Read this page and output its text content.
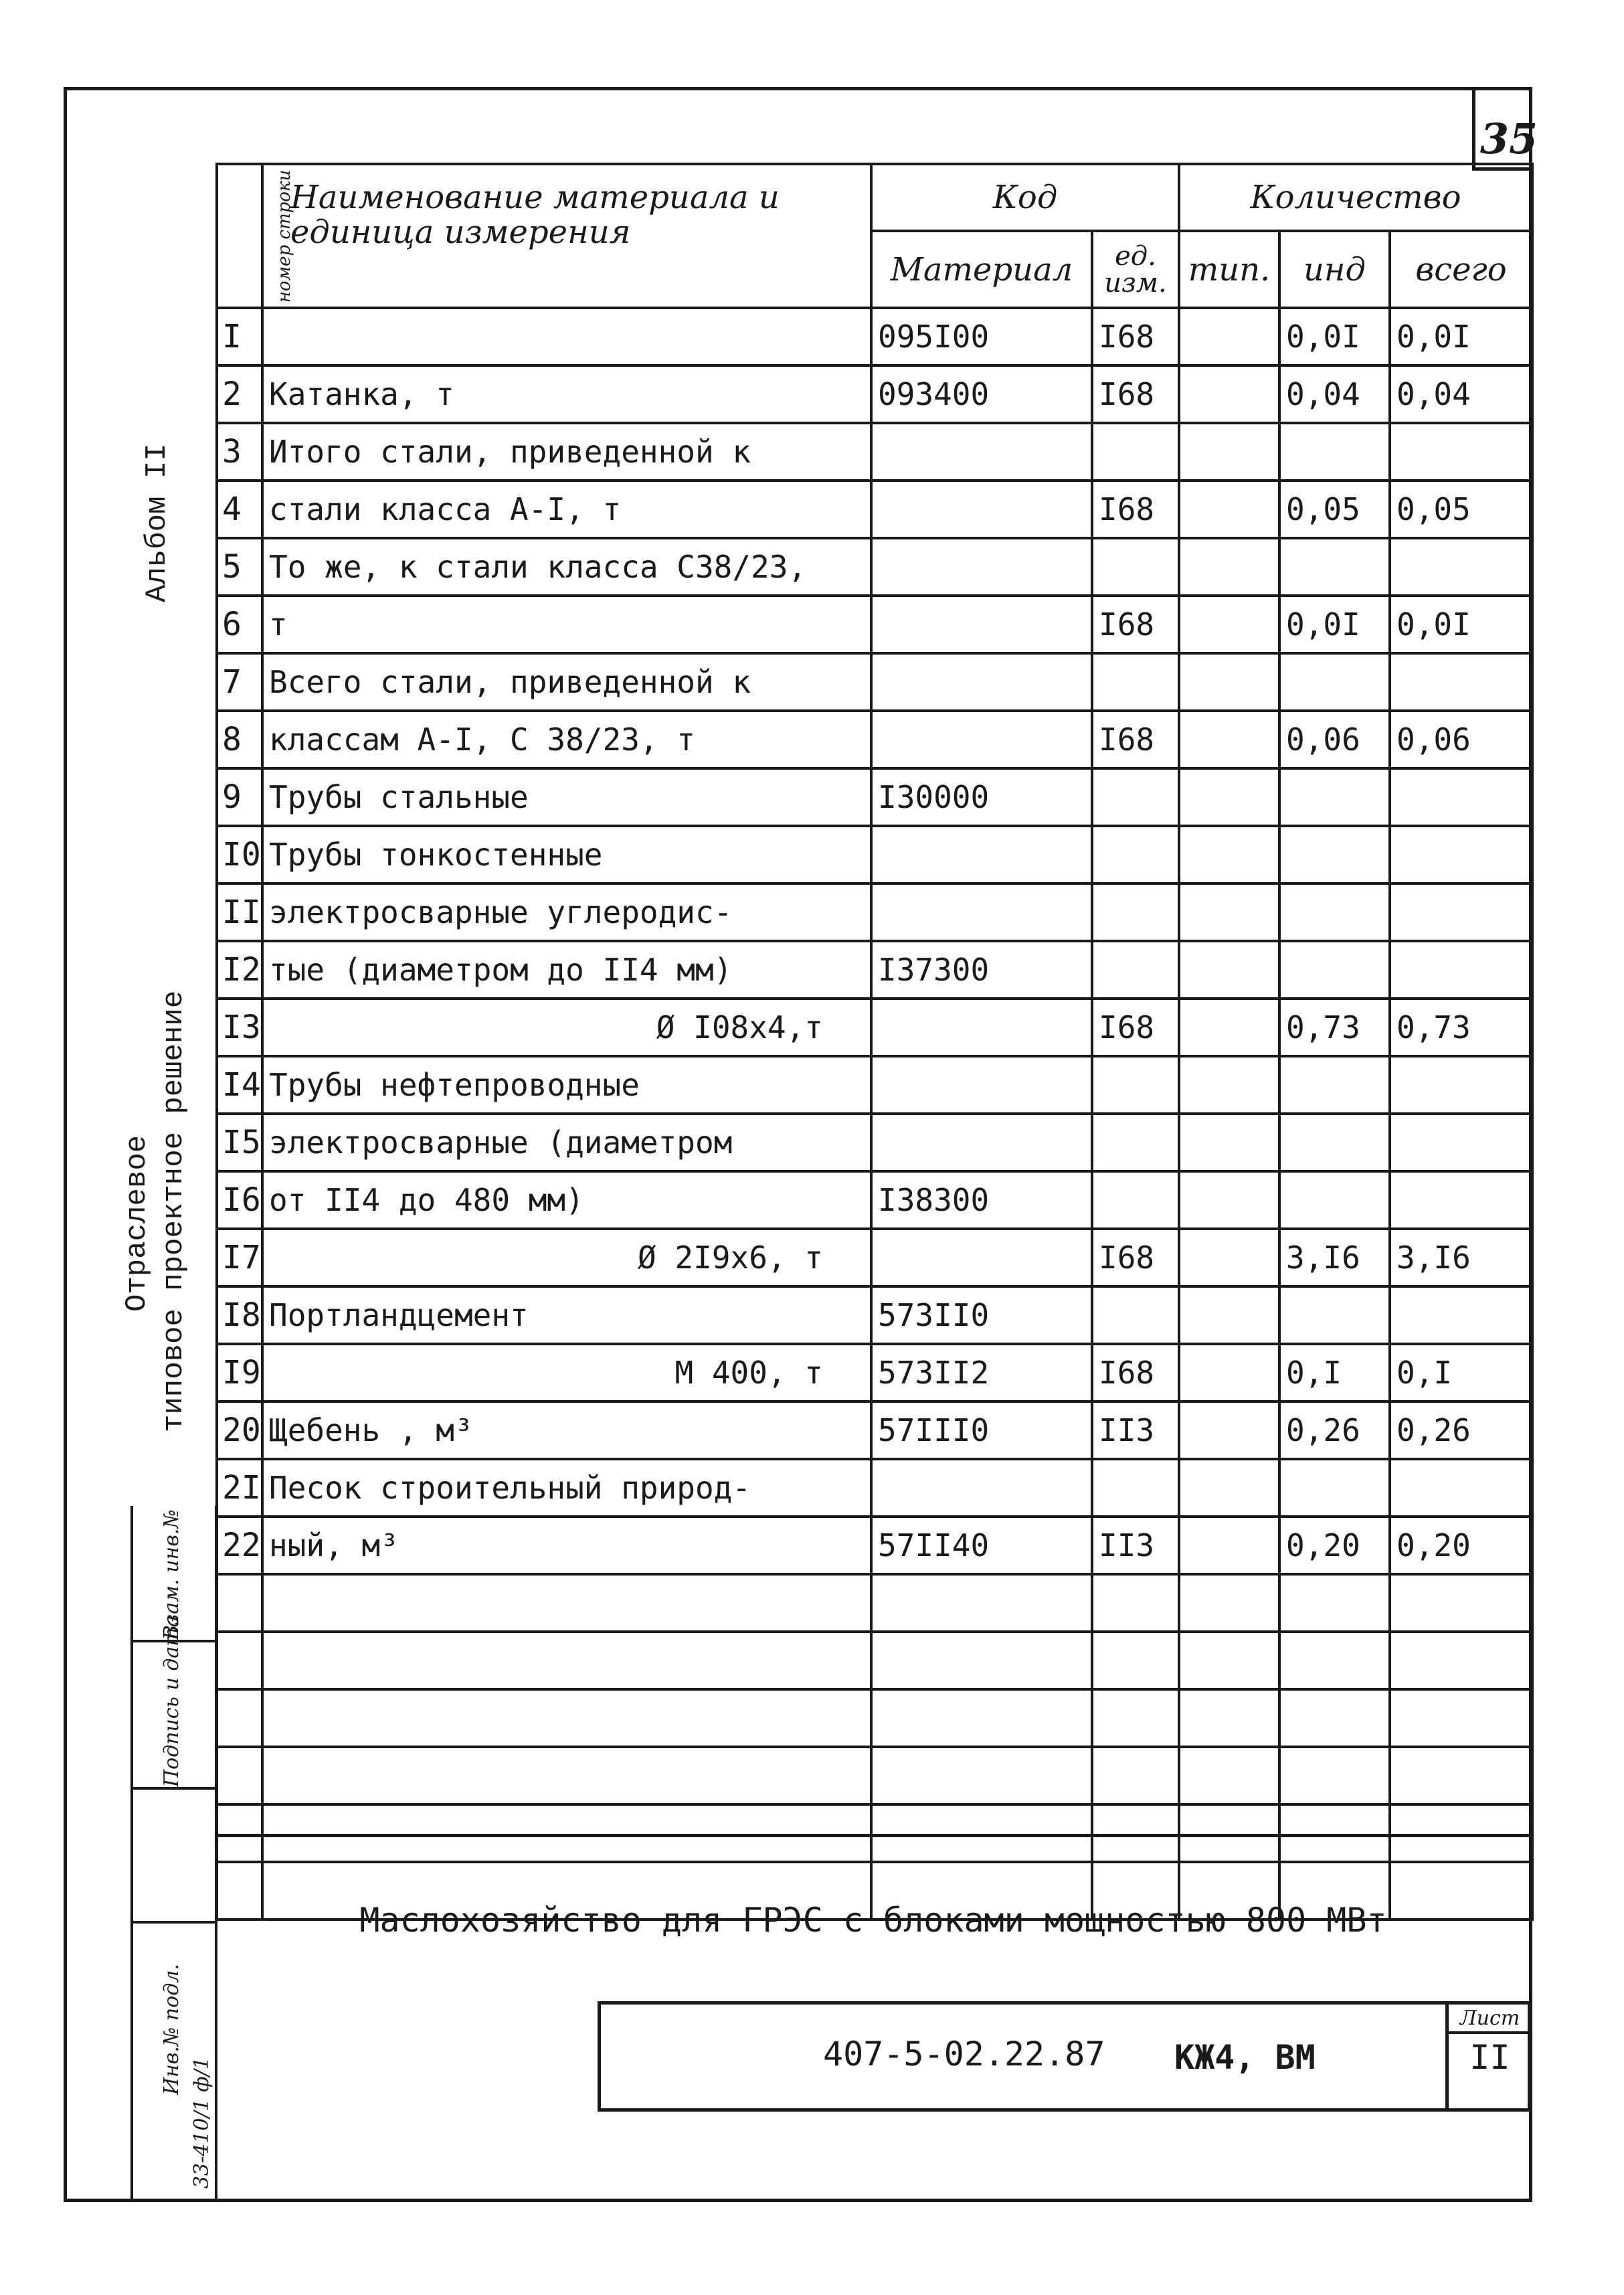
35
Альбом II
Отраслевое типовое проектное решение
номер строки	Наименование материала и единица измерения	Код		Количество		
		Материал	ед. изм.	тип.	инд	всего
I		095I00	I68		0,0I	0,0I
2	Катанка, т	093400	I68		0,04	0,04
3	Итого стали, приведенной к					
4	стали класса А-I, т		I68		0,05	0,05
5	То же, к стали класса С38/23,					
6	т		I68		0,0I	0,0I
7	Всего стали, приведенной к					
8	классам А-I, С 38/23, т		I68		0,06	0,06
9	Трубы стальные	I30000				
I0	Трубы тонкостенные					
II	электросварные углеродис-					
I2	тые (диаметром до II4 мм)	I37300				
I3	Ø I08х4,т		I68		0,73	0,73
I4	Трубы нефтепроводные					
I5	электросварные (диаметром					
I6	от II4 до 480 мм)	I38300				
I7	Ø 2I9х6, т		I68		3,I6	3,I6
I8	Портландцемент	573II0				
I9	М 400, т	573II2	I68		0,I	0,I
20	Щебень , м³	57III0	II3		0,26	0,26
2I	Песок строительный природ-					
22	ный, м³	57II40	II3		0,20	0,20

Взам. инв.№
Подпись и дата
Инв.№ подл.
33-410/1 ф/1
Маслохозяйство для ГРЭС с блоками мощностью 800 МВт
407-5-02.22.87 КЖ4, ВМ
Лист
II
